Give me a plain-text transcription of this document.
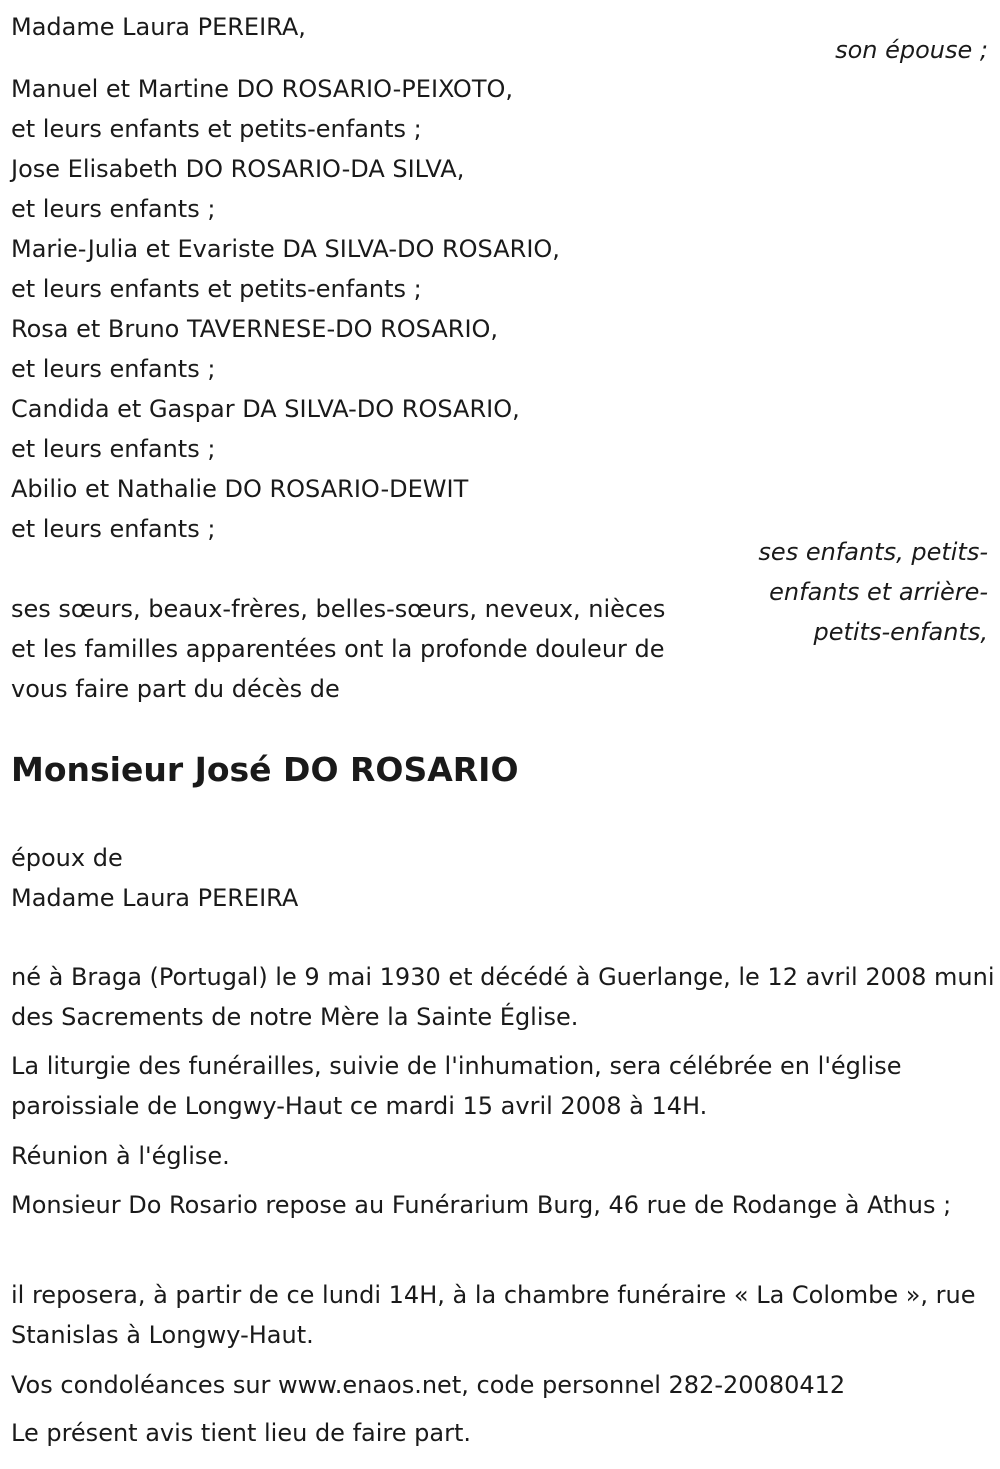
Madame Laura PEREIRA,
son épouse ;
Manuel et Martine DO ROSARIO-PEIXOTO,
et leurs enfants et petits-enfants ;
Jose Elisabeth DO ROSARIO-DA SILVA,
et leurs enfants ;
Marie-Julia et Evariste DA SILVA-DO ROSARIO,
et leurs enfants et petits-enfants ;
Rosa et Bruno TAVERNESE-DO ROSARIO,
et leurs enfants ;
Candida et Gaspar DA SILVA-DO ROSARIO,
et leurs enfants ;
Abilio et Nathalie DO ROSARIO-DEWIT
et leurs enfants ;
ses enfants, petits-
enfants et arrière-
petits-enfants,
ses sœurs, beaux-frères, belles-sœurs, neveux, nièces
et les familles apparentées ont la profonde douleur de
vous faire part du décès de
Monsieur José DO ROSARIO
époux de
Madame Laura PEREIRA
né à Braga (Portugal) le 9 mai 1930 et décédé à Guerlange, le 12 avril 2008 muni des Sacrements de notre Mère la Sainte Église.
La liturgie des funérailles, suivie de l'inhumation, sera célébrée en l'église paroissiale de Longwy-Haut ce mardi 15 avril 2008 à 14H.
Réunion à l'église.
Monsieur Do Rosario repose au Funérarium Burg, 46 rue de Rodange à Athus ;
il reposera, à partir de ce lundi 14H, à la chambre funéraire « La Colombe », rue Stanislas à Longwy-Haut.
Vos condoléances sur www.enaos.net, code personnel 282-20080412
Le présent avis tient lieu de faire part.
